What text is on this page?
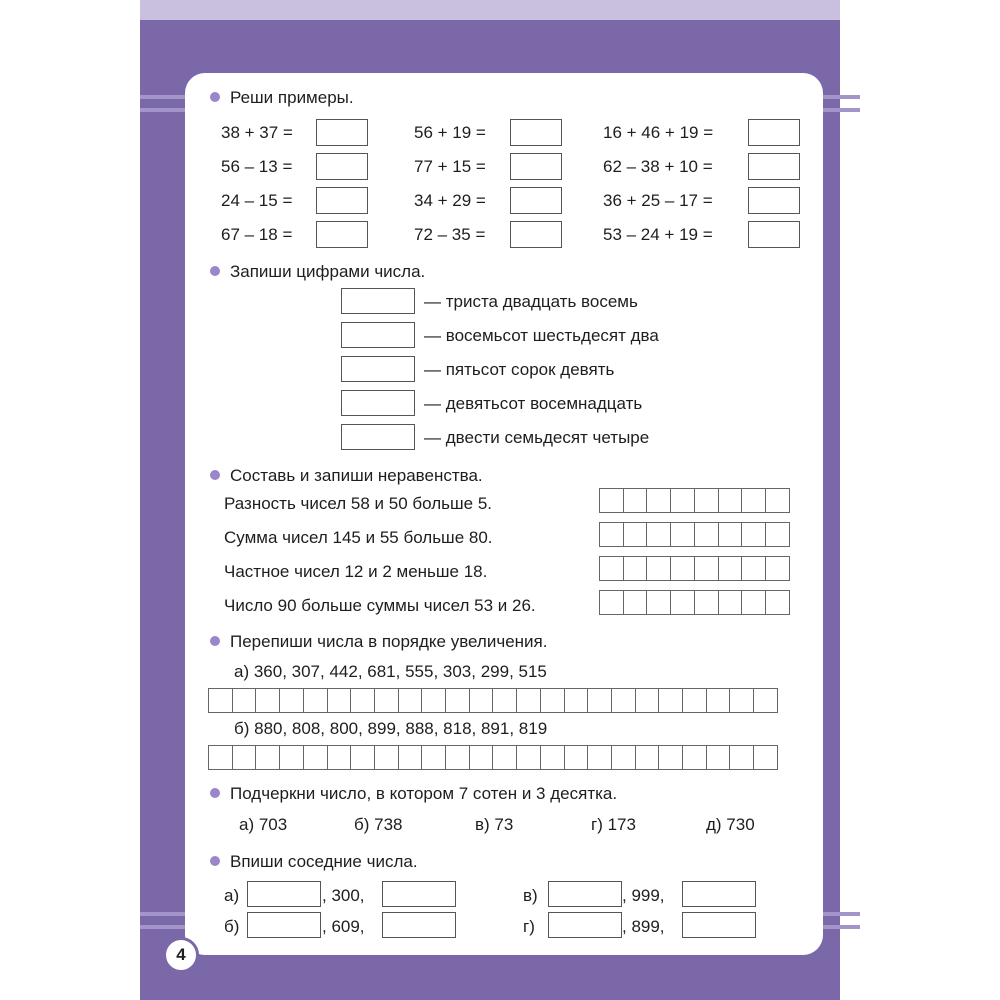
Реши примеры.
38 + 37 =	56 + 19 =	16 + 46 + 19 =
56 – 13 =	77 + 15 =	62 – 38 + 10 =
24 – 15 =	34 + 29 =	36 + 25 – 17 =
67 – 18 =	72 – 35 =	53 – 24 + 19 =
Запиши цифрами числа.
— триста двадцать восемь
— восемьсот шестьдесят два
— пятьсот сорок девять
— девятьсот восемнадцать
— двести семьдесят четыре
Составь и запиши неравенства.
Разность чисел 58 и 50 больше 5.
Сумма чисел 145 и 55 больше 80.
Частное чисел 12 и 2 меньше 18.
Число 90 больше суммы чисел 53 и 26.
Перепиши числа в порядке увеличения.
а) 360, 307, 442, 681, 555, 303, 299, 515
б) 880, 808, 800, 899, 888, 818, 891, 819
Подчеркни число, в котором 7 сотен и 3 десятка.
а) 703	б) 738	в) 73	г) 173	д) 730
Впиши соседние числа.
а)	, 300,	в)	, 999,
б)	, 609,	г)	, 899,
4
